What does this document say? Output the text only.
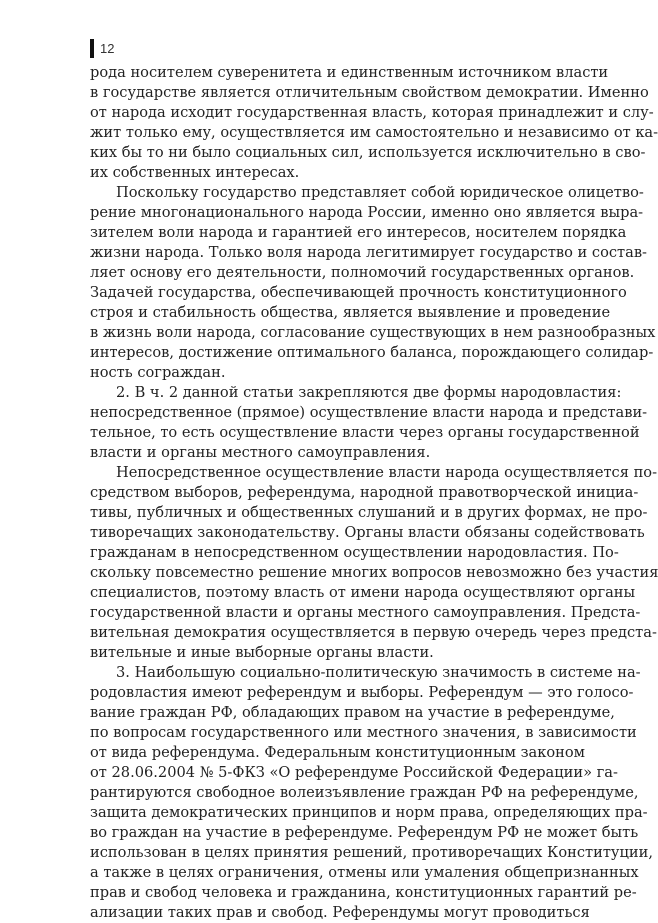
12
рода носителем суверенитета и единственным источником власти
в государстве является отличительным свойством демократии. Именно
от народа исходит государственная власть, которая принадлежит и слу-
жит только ему, осуществляется им самостоятельно и независимо от ка-
ких бы то ни было социальных сил, используется исключительно в сво-
их собственных интересах.
Поскольку государство представляет собой юридическое олицетво-
рение многонационального народа России, именно оно является выра-
зителем воли народа и гарантией его интересов, носителем порядка
жизни народа. Только воля народа легитимирует государство и состав-
ляет основу его деятельности, полномочий государственных органов.
Задачей государства, обеспечивающей прочность конституционного
строя и стабильность общества, является выявление и проведение
в жизнь воли народа, согласование существующих в нем разнообразных
интересов, достижение оптимального баланса, порождающего солидар-
ность сограждан.
2. В ч. 2 данной статьи закрепляются две формы народовластия:
непосредственное (прямое) осуществление власти народа и представи-
тельное, то есть осуществление власти через органы государственной
власти и органы местного самоуправления.
Непосредственное осуществление власти народа осуществляется по-
средством выборов, референдума, народной правотворческой инициа-
тивы, публичных и общественных слушаний и в других формах, не про-
тиворечащих законодательству. Органы власти обязаны содействовать
гражданам в непосредственном осуществлении народовластия. По-
скольку повсеместно решение многих вопросов невозможно без участия
специалистов, поэтому власть от имени народа осуществляют органы
государственной власти и органы местного самоуправления. Предста-
вительная демократия осуществляется в первую очередь через предста-
вительные и иные выборные органы власти.
3. Наибольшую социально-политическую значимость в системе на-
родовластия имеют референдум и выборы. Референдум — это голосо-
вание граждан РФ, обладающих правом на участие в референдуме,
по вопросам государственного или местного значения, в зависимости
от вида референдума. Федеральным конституционным законом
от 28.06.2004 № 5-ФКЗ «О референдуме Российской Федерации» га-
рантируются свободное волеизъявление граждан РФ на референдуме,
защита демократических принципов и норм права, определяющих пра-
во граждан на участие в референдуме. Референдум РФ не может быть
использован в целях принятия решений, противоречащих Конституции,
а также в целях ограничения, отмены или умаления общепризнанных
прав и свобод человека и гражданина, конституционных гарантий ре-
ализации таких прав и свобод. Референдумы могут проводиться
